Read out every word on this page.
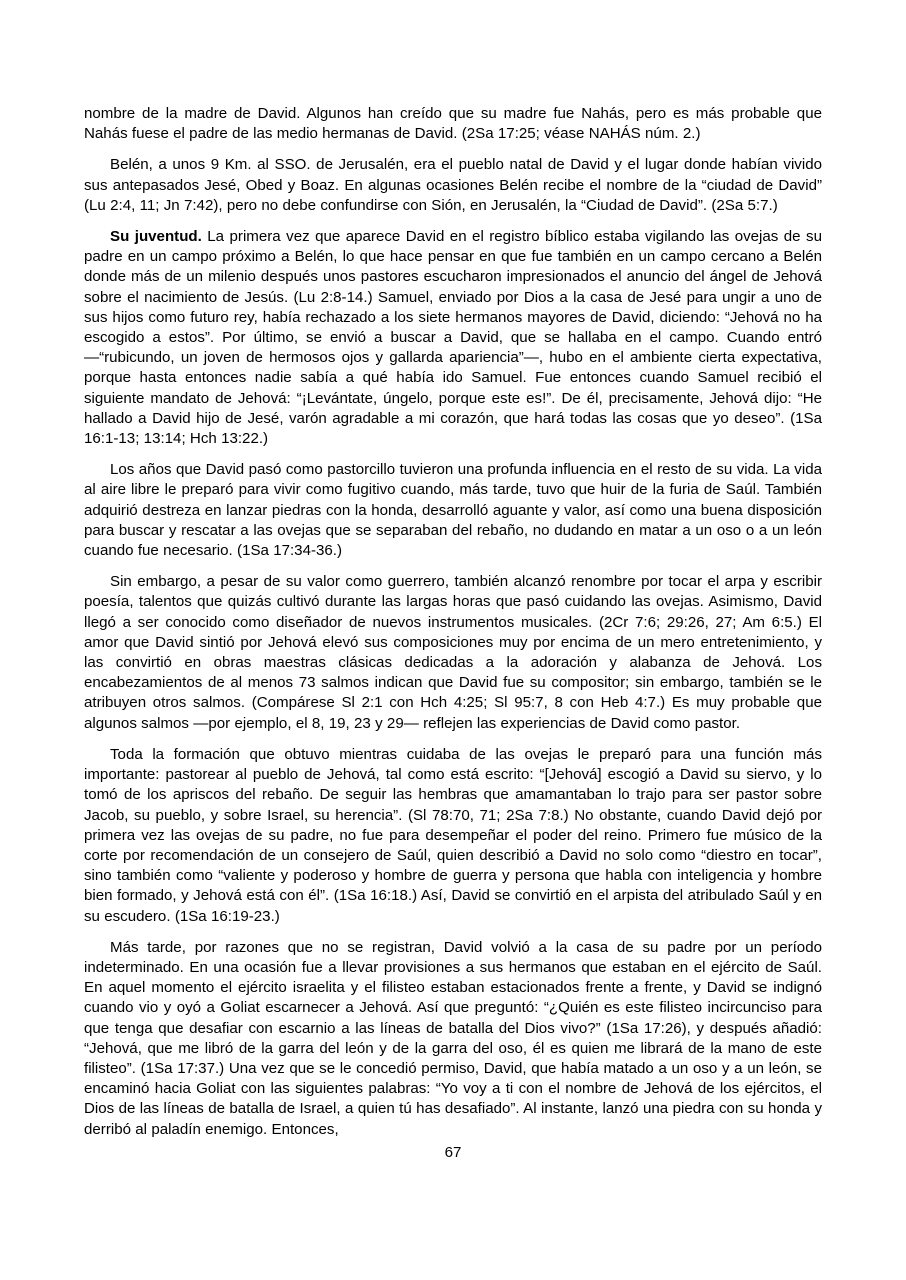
nombre de la madre de David. Algunos han creído que su madre fue Nahás, pero es más probable que Nahás fuese el padre de las medio hermanas de David. (2Sa 17:25; véase NAHÁS núm. 2.)

Belén, a unos 9 Km. al SSO. de Jerusalén, era el pueblo natal de David y el lugar donde habían vivido sus antepasados Jesé, Obed y Boaz. En algunas ocasiones Belén recibe el nombre de la “ciudad de David” (Lu 2:4, 11; Jn 7:42), pero no debe confundirse con Sión, en Jerusalén, la “Ciudad de David”. (2Sa 5:7.)

Su juventud. La primera vez que aparece David en el registro bíblico estaba vigilando las ovejas de su padre en un campo próximo a Belén, lo que hace pensar en que fue también en un campo cercano a Belén donde más de un milenio después unos pastores escucharon impresionados el anuncio del ángel de Jehová sobre el nacimiento de Jesús. (Lu 2:8-14.) Samuel, enviado por Dios a la casa de Jesé para ungir a uno de sus hijos como futuro rey, había rechazado a los siete hermanos mayores de David, diciendo: “Jehová no ha escogido a estos”. Por último, se envió a buscar a David, que se hallaba en el campo. Cuando entró —“rubicundo, un joven de hermosos ojos y gallarda apariencia”—, hubo en el ambiente cierta expectativa, porque hasta entonces nadie sabía a qué había ido Samuel. Fue entonces cuando Samuel recibió el siguiente mandato de Jehová: “¡Levántate, úngelo, porque este es!”. De él, precisamente, Jehová dijo: “He hallado a David hijo de Jesé, varón agradable a mi corazón, que hará todas las cosas que yo deseo”. (1Sa 16:1-13; 13:14; Hch 13:22.)

Los años que David pasó como pastorcillo tuvieron una profunda influencia en el resto de su vida. La vida al aire libre le preparó para vivir como fugitivo cuando, más tarde, tuvo que huir de la furia de Saúl. También adquirió destreza en lanzar piedras con la honda, desarrolló aguante y valor, así como una buena disposición para buscar y rescatar a las ovejas que se separaban del rebaño, no dudando en matar a un oso o a un león cuando fue necesario. (1Sa 17:34-36.)

Sin embargo, a pesar de su valor como guerrero, también alcanzó renombre por tocar el arpa y escribir poesía, talentos que quizás cultivó durante las largas horas que pasó cuidando las ovejas. Asimismo, David llegó a ser conocido como diseñador de nuevos instrumentos musicales. (2Cr 7:6; 29:26, 27; Am 6:5.) El amor que David sintió por Jehová elevó sus composiciones muy por encima de un mero entretenimiento, y las convirtió en obras maestras clásicas dedicadas a la adoración y alabanza de Jehová. Los encabezamientos de al menos 73 salmos indican que David fue su compositor; sin embargo, también se le atribuyen otros salmos. (Compárese Sl 2:1 con Hch 4:25; Sl 95:7, 8 con Heb 4:7.) Es muy probable que algunos salmos —por ejemplo, el 8, 19, 23 y 29— reflejen las experiencias de David como pastor.

Toda la formación que obtuvo mientras cuidaba de las ovejas le preparó para una función más importante: pastorear al pueblo de Jehová, tal como está escrito: “[Jehová] escogió a David su siervo, y lo tomó de los apriscos del rebaño. De seguir las hembras que amamantaban lo trajo para ser pastor sobre Jacob, su pueblo, y sobre Israel, su herencia”. (Sl 78:70, 71; 2Sa 7:8.) No obstante, cuando David dejó por primera vez las ovejas de su padre, no fue para desempeñar el poder del reino. Primero fue músico de la corte por recomendación de un consejero de Saúl, quien describió a David no solo como “diestro en tocar”, sino también como “valiente y poderoso y hombre de guerra y persona que habla con inteligencia y hombre bien formado, y Jehová está con él”. (1Sa 16:18.) Así, David se convirtió en el arpista del atribulado Saúl y en su escudero. (1Sa 16:19-23.)

Más tarde, por razones que no se registran, David volvió a la casa de su padre por un período indeterminado. En una ocasión fue a llevar provisiones a sus hermanos que estaban en el ejército de Saúl. En aquel momento el ejército israelita y el filisteo estaban estacionados frente a frente, y David se indignó cuando vio y oyó a Goliat escarnecer a Jehová. Así que preguntó: “¿Quién es este filisteo incircunciso para que tenga que desafiar con escarnio a las líneas de batalla del Dios vivo?” (1Sa 17:26), y después añadió: “Jehová, que me libró de la garra del león y de la garra del oso, él es quien me librará de la mano de este filisteo”. (1Sa 17:37.) Una vez que se le concedió permiso, David, que había matado a un oso y a un león, se encaminó hacia Goliat con las siguientes palabras: “Yo voy a ti con el nombre de Jehová de los ejércitos, el Dios de las líneas de batalla de Israel, a quien tú has desafiado”. Al instante, lanzó una piedra con su honda y derribó al paladín enemigo. Entonces,

67
